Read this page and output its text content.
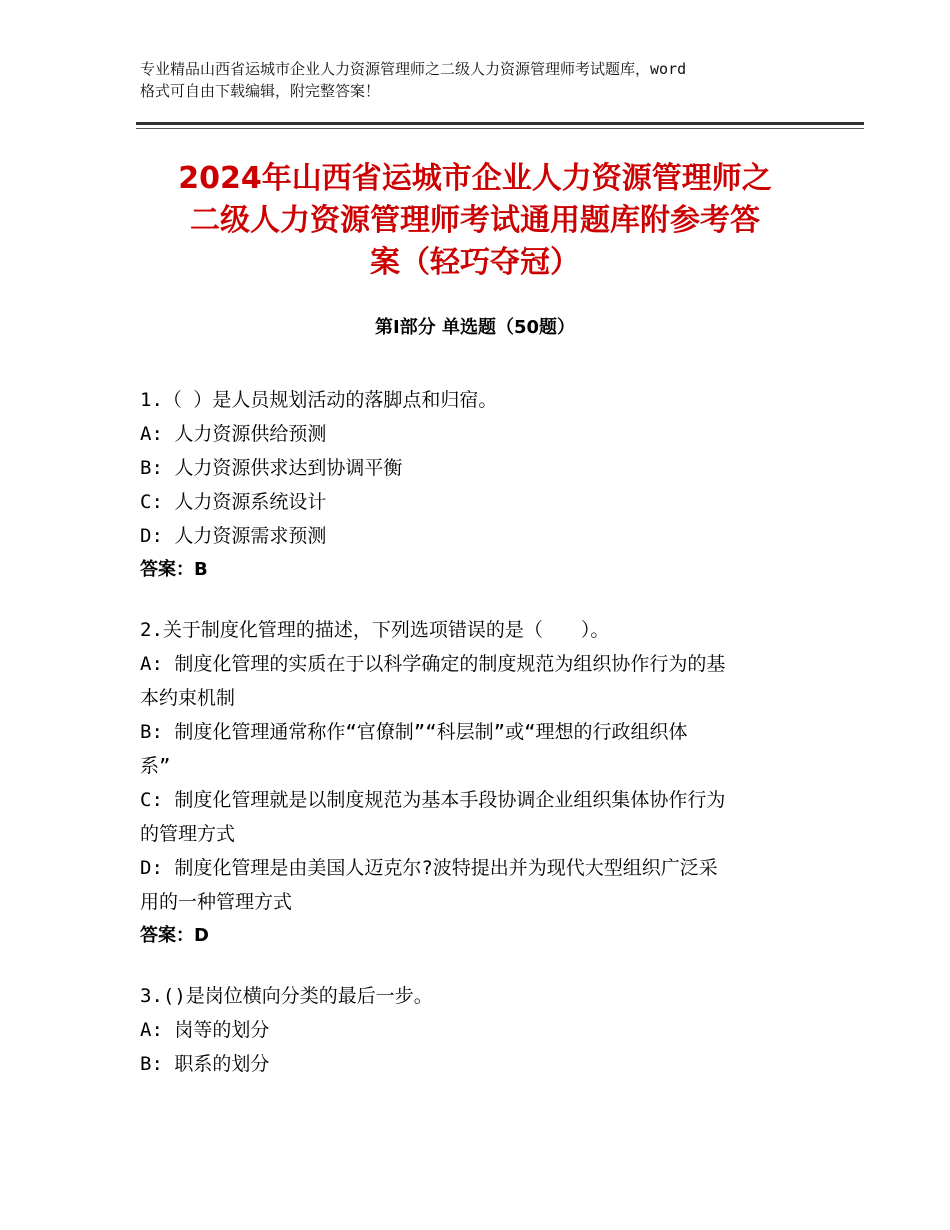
专业精品山西省运城市企业人力资源管理师之二级人力资源管理师考试题库，word
格式可自由下载编辑，附完整答案！
2024年山西省运城市企业人力资源管理师之
二级人力资源管理师考试通用题库附参考答
案（轻巧夺冠）
第Ⅰ部分 单选题（50题）
1.（ ）是人员规划活动的落脚点和归宿。
A: 人力资源供给预测
B: 人力资源供求达到协调平衡
C: 人力资源系统设计
D: 人力资源需求预测
答案：B
2.关于制度化管理的描述，下列选项错误的是（　　）。
A: 制度化管理的实质在于以科学确定的制度规范为组织协作行为的基
本约束机制
B: 制度化管理通常称作“官僚制”“科层制”或“理想的行政组织体
系”
C: 制度化管理就是以制度规范为基本手段协调企业组织集体协作行为
的管理方式
D: 制度化管理是由美国人迈克尔?波特提出并为现代大型组织广泛采
用的一种管理方式
答案：D
3.()是岗位横向分类的最后一步。
A: 岗等的划分
B: 职系的划分
